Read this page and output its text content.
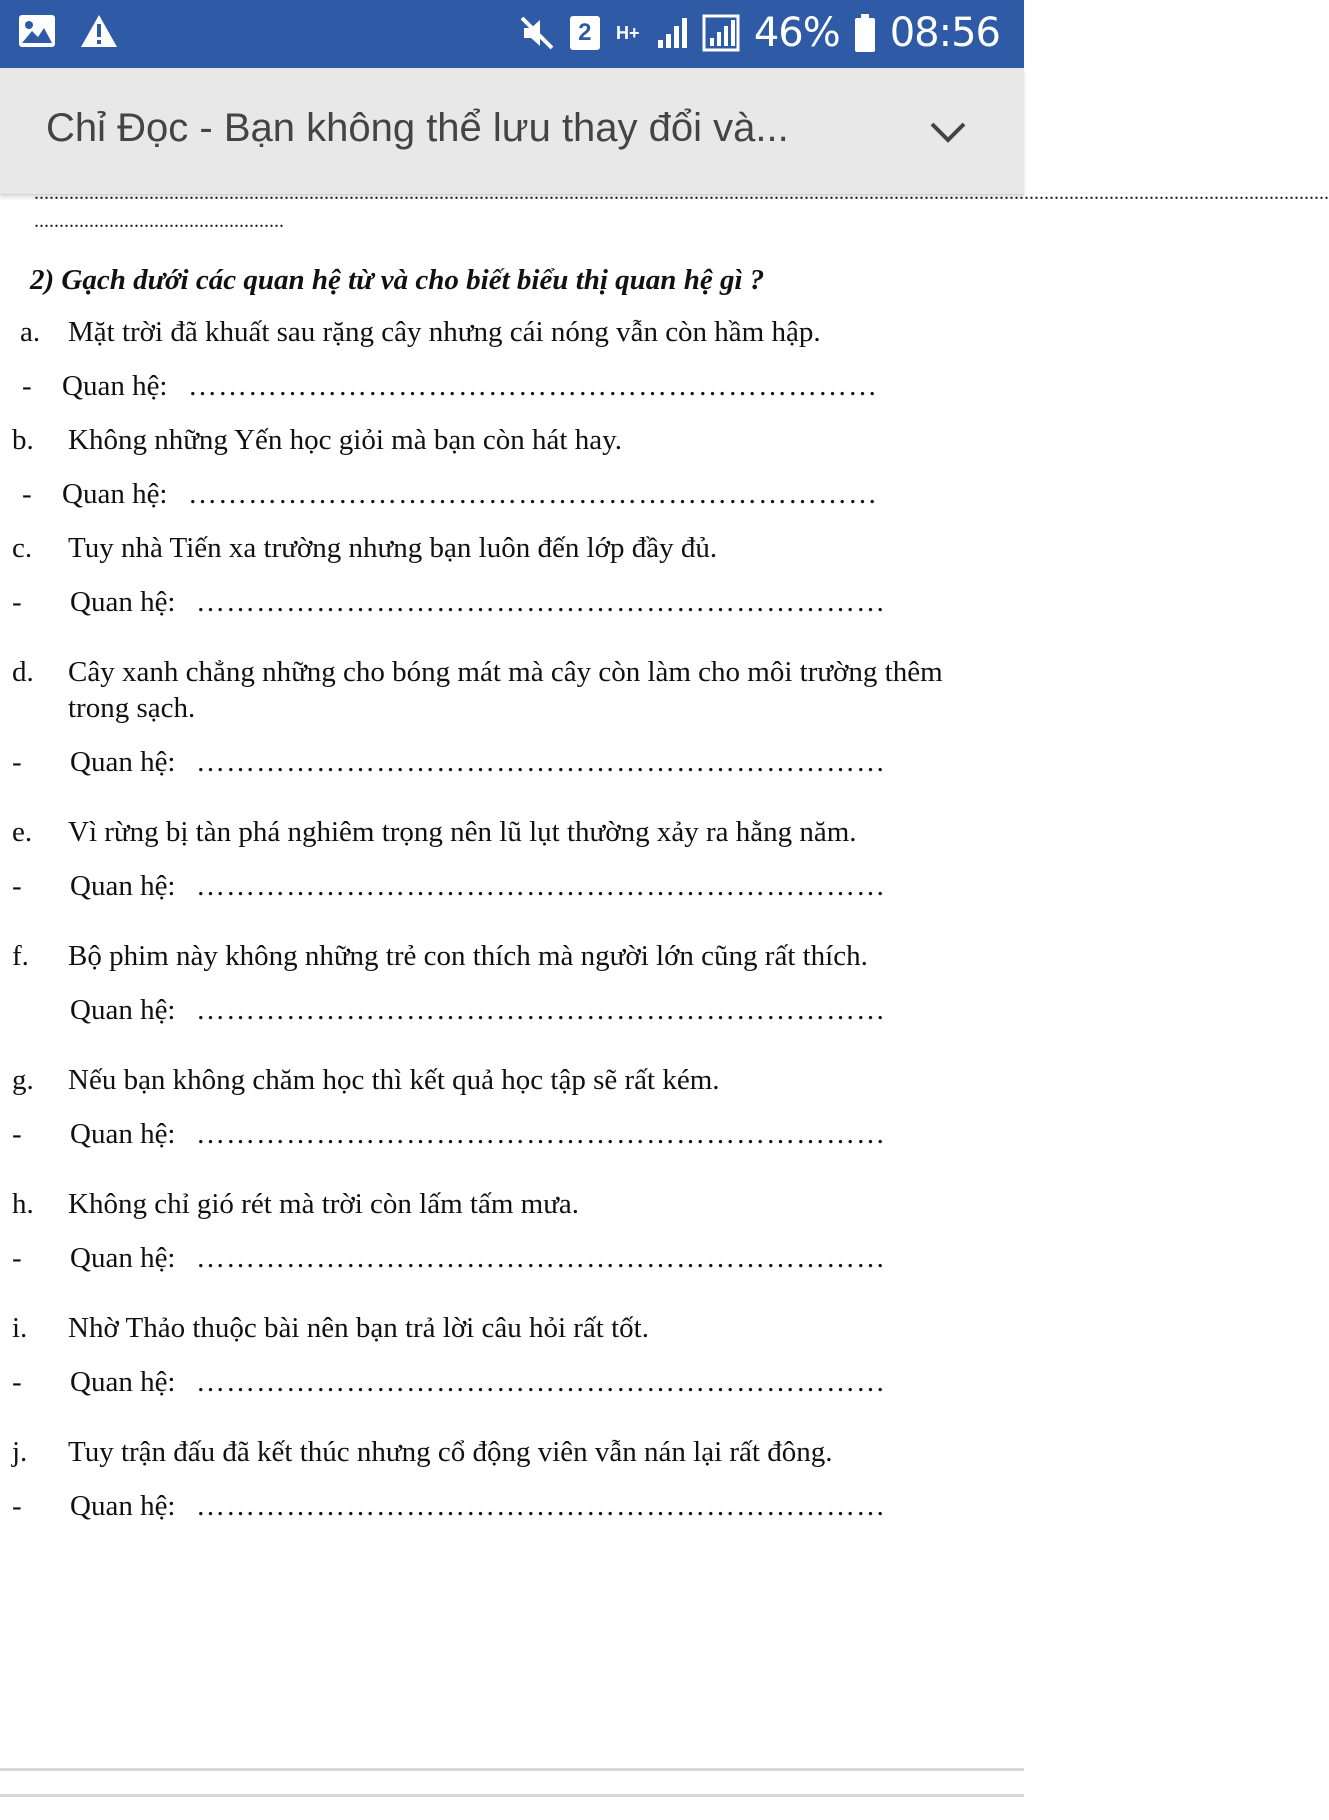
2	H+	46% 08:56
Chỉ Đọc - Bạn không thể lưu thay đổi và...
...................................................................................................................................................................................................................................................................
..................................................
2) Gạch dưới các quan hệ từ và cho biết biểu thị quan hệ gì ?
a. Mặt trời đã khuất sau rặng cây nhưng cái nóng vẫn còn hầm hập.
- Quan hệ: ……………………………………………………………
b. Không những Yến học giỏi mà bạn còn hát hay.
- Quan hệ: ……………………………………………………………
c. Tuy nhà Tiến xa trường nhưng bạn luôn đến lớp đầy đủ.
- Quan hệ: ……………………………………………………………
d. Cây xanh chẳng những cho bóng mát mà cây còn làm cho môi trường thêm
trong sạch.
- Quan hệ: ……………………………………………………………
e. Vì rừng bị tàn phá nghiêm trọng nên lũ lụt thường xảy ra hằng năm.
- Quan hệ: ……………………………………………………………
f. Bộ phim này không những trẻ con thích mà người lớn cũng rất thích.
Quan hệ: ……………………………………………………………
g. Nếu bạn không chăm học thì kết quả học tập sẽ rất kém.
- Quan hệ: ……………………………………………………………
h. Không chỉ gió rét mà trời còn lấm tấm mưa.
- Quan hệ: ……………………………………………………………
i. Nhờ Thảo thuộc bài nên bạn trả lời câu hỏi rất tốt.
- Quan hệ: ……………………………………………………………
j. Tuy trận đấu đã kết thúc nhưng cổ động viên vẫn nán lại rất đông.
- Quan hệ: ……………………………………………………………
